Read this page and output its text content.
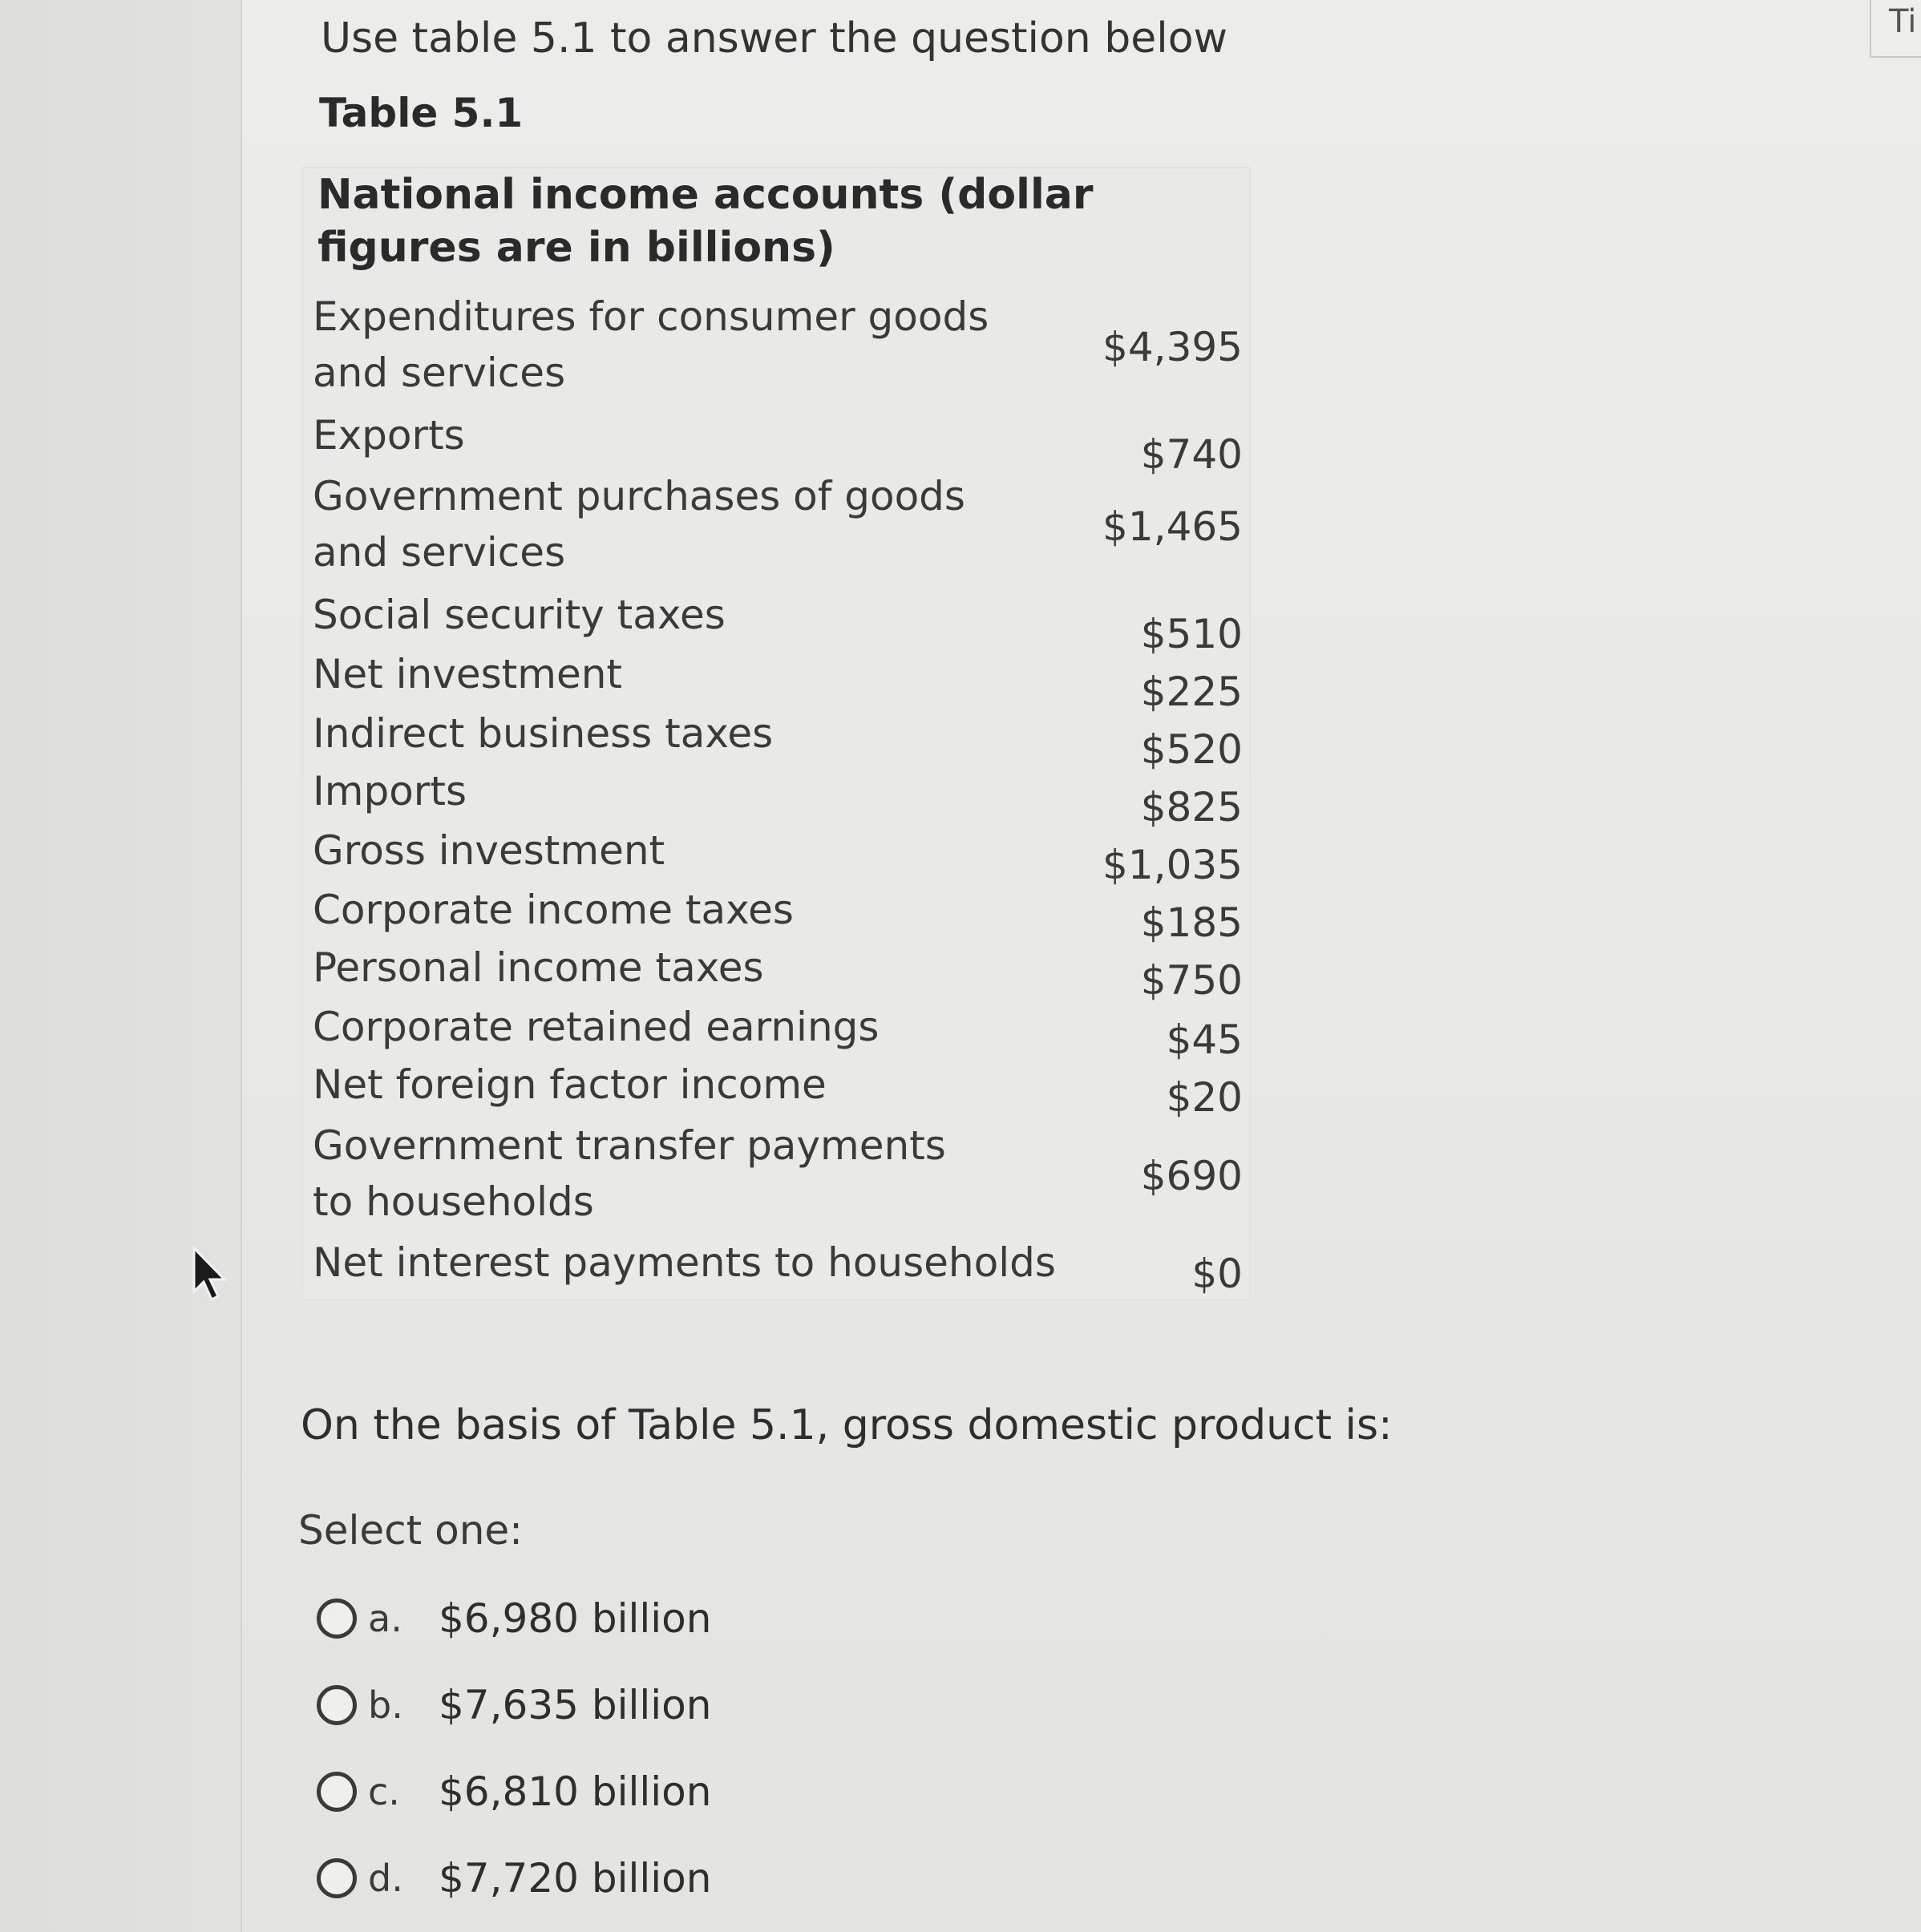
Ti
Use table 5.1 to answer the question below
Table 5.1
National income accounts (dollar figures are in billions)
Expenditures for consumer goods and services
$4,395
Exports	$740
Government purchases of goods and services
$1,465
Social security taxes	$510
Net investment	$225
Indirect business taxes	$520
Imports	$825
Gross investment	$1,035
Corporate income taxes	$185
Personal income taxes	$750
Corporate retained earnings	$45
Net foreign factor income	$20
Government transfer payments to households
$690
Net interest payments to households	$0
On the basis of Table 5.1, gross domestic product is:
Select one:
a. $6,980 billion
b. $7,635 billion
c. $6,810 billion
d. $7,720 billion
